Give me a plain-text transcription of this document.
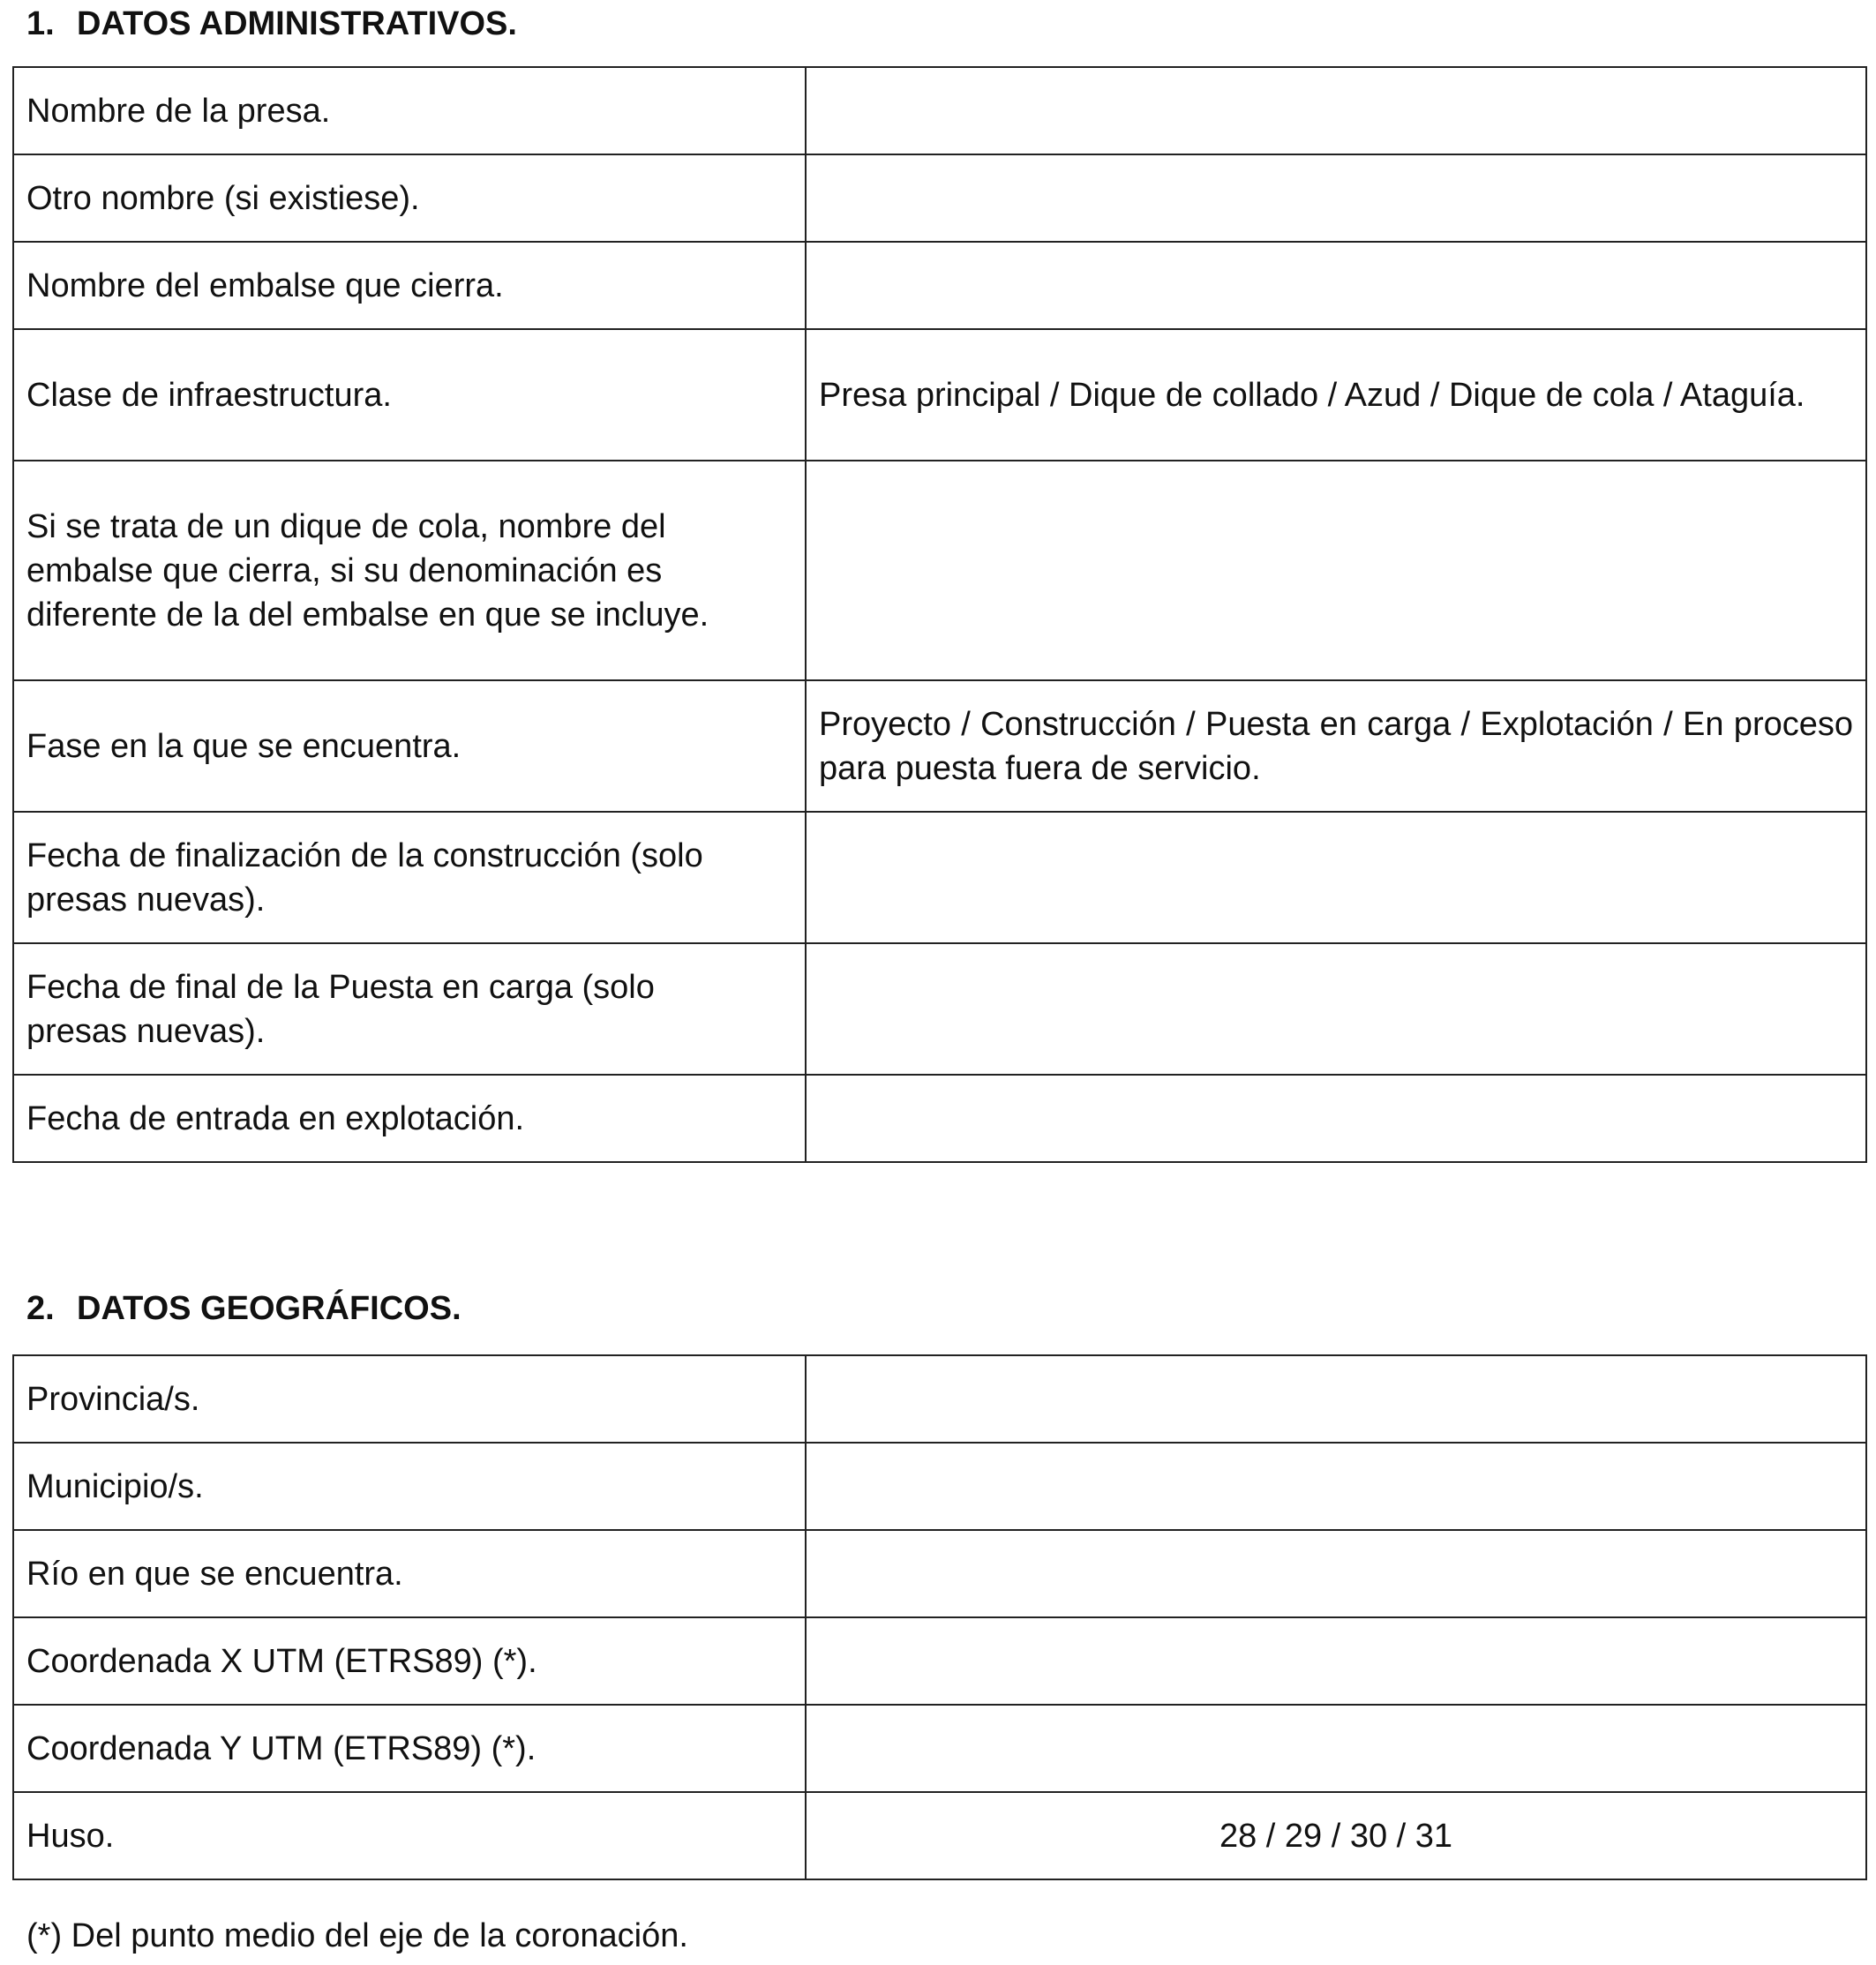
1. DATOS ADMINISTRATIVOS.
Nombre de la presa.	
Otro nombre (si existiese).	
Nombre del embalse que cierra.	
Clase de infraestructura.	Presa principal / Dique de collado / Azud / Dique de cola / Ataguía.

Si se trata de un dique de cola, nombre del embalse que cierra, si su denominación es diferente de la del embalse en que se incluye.	

Fase en la que se encuentra.	Proyecto / Construcción / Puesta en carga / Explotación / En proceso para puesta fuera de servicio.

Fecha de finalización de la construcción (solo presas nuevas).	

Fecha de final de la Puesta en carga (solo presas nuevas).	

Fecha de entrada en explotación.	
2. DATOS GEOGRÁFICOS.
Provincia/s.	
Municipio/s.	
Río en que se encuentra.	
Coordenada X UTM (ETRS89) (*).	
Coordenada Y UTM (ETRS89) (*).	
Huso.	28 / 29 / 30 / 31

(*) Del punto medio del eje de la coronación.
